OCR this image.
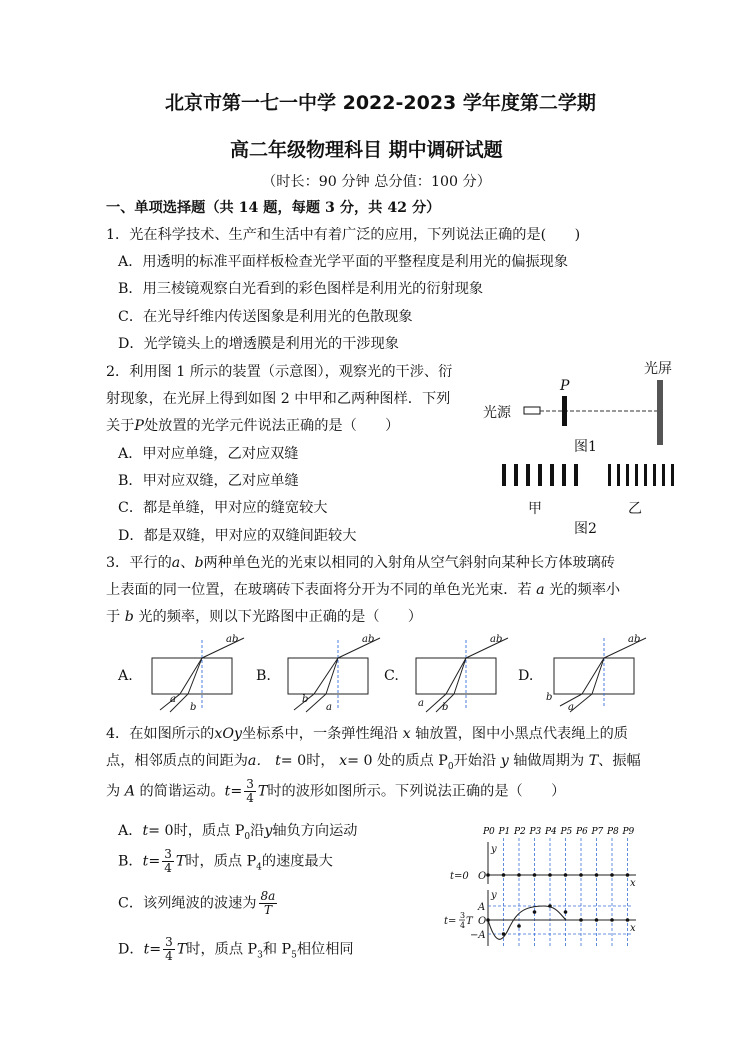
北京市第一七一中学 2022-2023 学年度第二学期
高二年级物理科目 期中调研试题
（时长：90 分钟 总分值：100 分）
一、单项选择题（共 14 题，每题 3 分，共 42 分）
1．光在科学技术、生产和生活中有着广泛的应用，下列说法正确的是(　　)
A．用透明的标准平面样板检查光学平面的平整程度是利用光的偏振现象
B．用三棱镜观察白光看到的彩色图样是利用光的衍射现象
C．在光导纤维内传送图象是利用光的色散现象
D．光学镜头上的增透膜是利用光的干涉现象
2．利用图 1 所示的装置（示意图），观察光的干涉、衍
射现象，在光屏上得到如图 2 中甲和乙两种图样．下列
关于P处放置的光学元件说法正确的是（　　）
A．甲对应单缝，乙对应双缝
B．甲对应双缝，乙对应单缝
C．都是单缝，甲对应的缝宽较大
D．都是双缝，甲对应的双缝间距较大
光源
P
光屏
图1
甲	乙
图2
3．平行的a、b两种单色光的光束以相同的入射角从空气斜射向某种长方体玻璃砖
上表面的同一位置，在玻璃砖下表面将分开为不同的单色光光束．若 a 光的频率小
于 b 光的频率，则以下光路图中正确的是（　　）
A.	B.	C.	D.
ab
a
b
ab
b
a
ab
a b
ab
b
a
4．在如图所示的xOy坐标系中，一条弹性绳沿 x 轴放置，图中小黑点代表绳上的质
点，相邻质点的间距为a． t= 0时， x= 0 处的质点 $P_0$开始沿 y 轴做周期为 T、振幅
为 A 的简谐运动。$t= \frac{3}{4}$ T时的波形如图所示。下列说法正确的是（　　）
A．t= 0时，质点 $P_0$沿y轴负方向运动
B．$t= \frac{3}{4}$ T时，质点 $P_4$的速度最大
C．该列绳波的波速为 $\frac{8a}{T}$
D．$t= \frac{3}{4}$ T时，质点 $P_3$和 $P_5$相位相同
P0 P1 P2 P3 P4 P5 P6 P7 P8 P9
y
x
t=0 O
y
x
A
−A
O
t=
3
4 T
